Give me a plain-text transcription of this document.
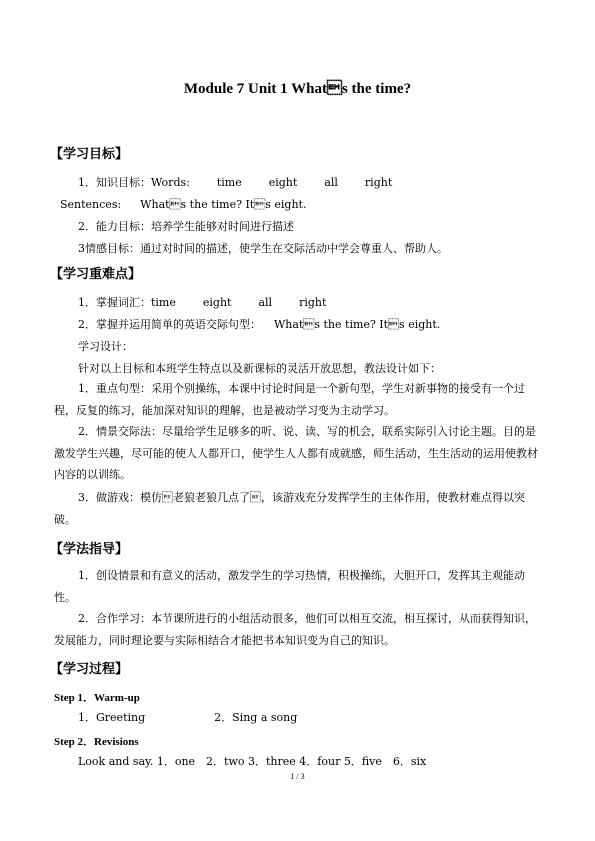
Module 7 Unit 1 Whats the time?
【学习目标】
1．知识目标：Words: time eight all right
Sentences: Whats the time? Its eight.
2．能力目标：培养学生能够对时间进行描述
3情感目标：通过对时间的描述，使学生在交际活动中学会尊重人、帮助人。
【学习重难点】
1．掌握词汇：time eight all right
2．掌握并运用简单的英语交际句型： Whats the time? Its eight.
学习设计：
针对以上目标和本班学生特点以及新课标的灵活开放思想，教法设计如下：
1．重点句型：采用个别操练，本课中讨论时间是一个新句型，学生对新事物的接受有一个过程，反复的练习，能加深对知识的理解，也是被动学习变为主动学习。
2．情景交际法：尽量给学生足够多的听、说、读、写的机会，联系实际引入讨论主题。目的是激发学生兴趣，尽可能的使人人都开口，使学生人人都有成就感，师生活动，生生活动的运用使教材内容的以训练。
3．做游戏：模仿老狼老狼几点了，该游戏充分发挥学生的主体作用，使教材难点得以突破。
【学法指导】
1．创设情景和有意义的活动，激发学生的学习热情，积极操练，大胆开口，发挥其主观能动性。
2．合作学习：本节课所进行的小组活动很多，他们可以相互交流，相互探讨，从而获得知识，发展能力，同时理论要与实际相结合才能把书本知识变为自己的知识。
【学习过程】
Step 1．Warm-up
1．Greeting	2．Sing a song
Step 2．Revisions
Look and say. 1．one　2．two 3．three 4．four 5．five　6．six
1 / 3
